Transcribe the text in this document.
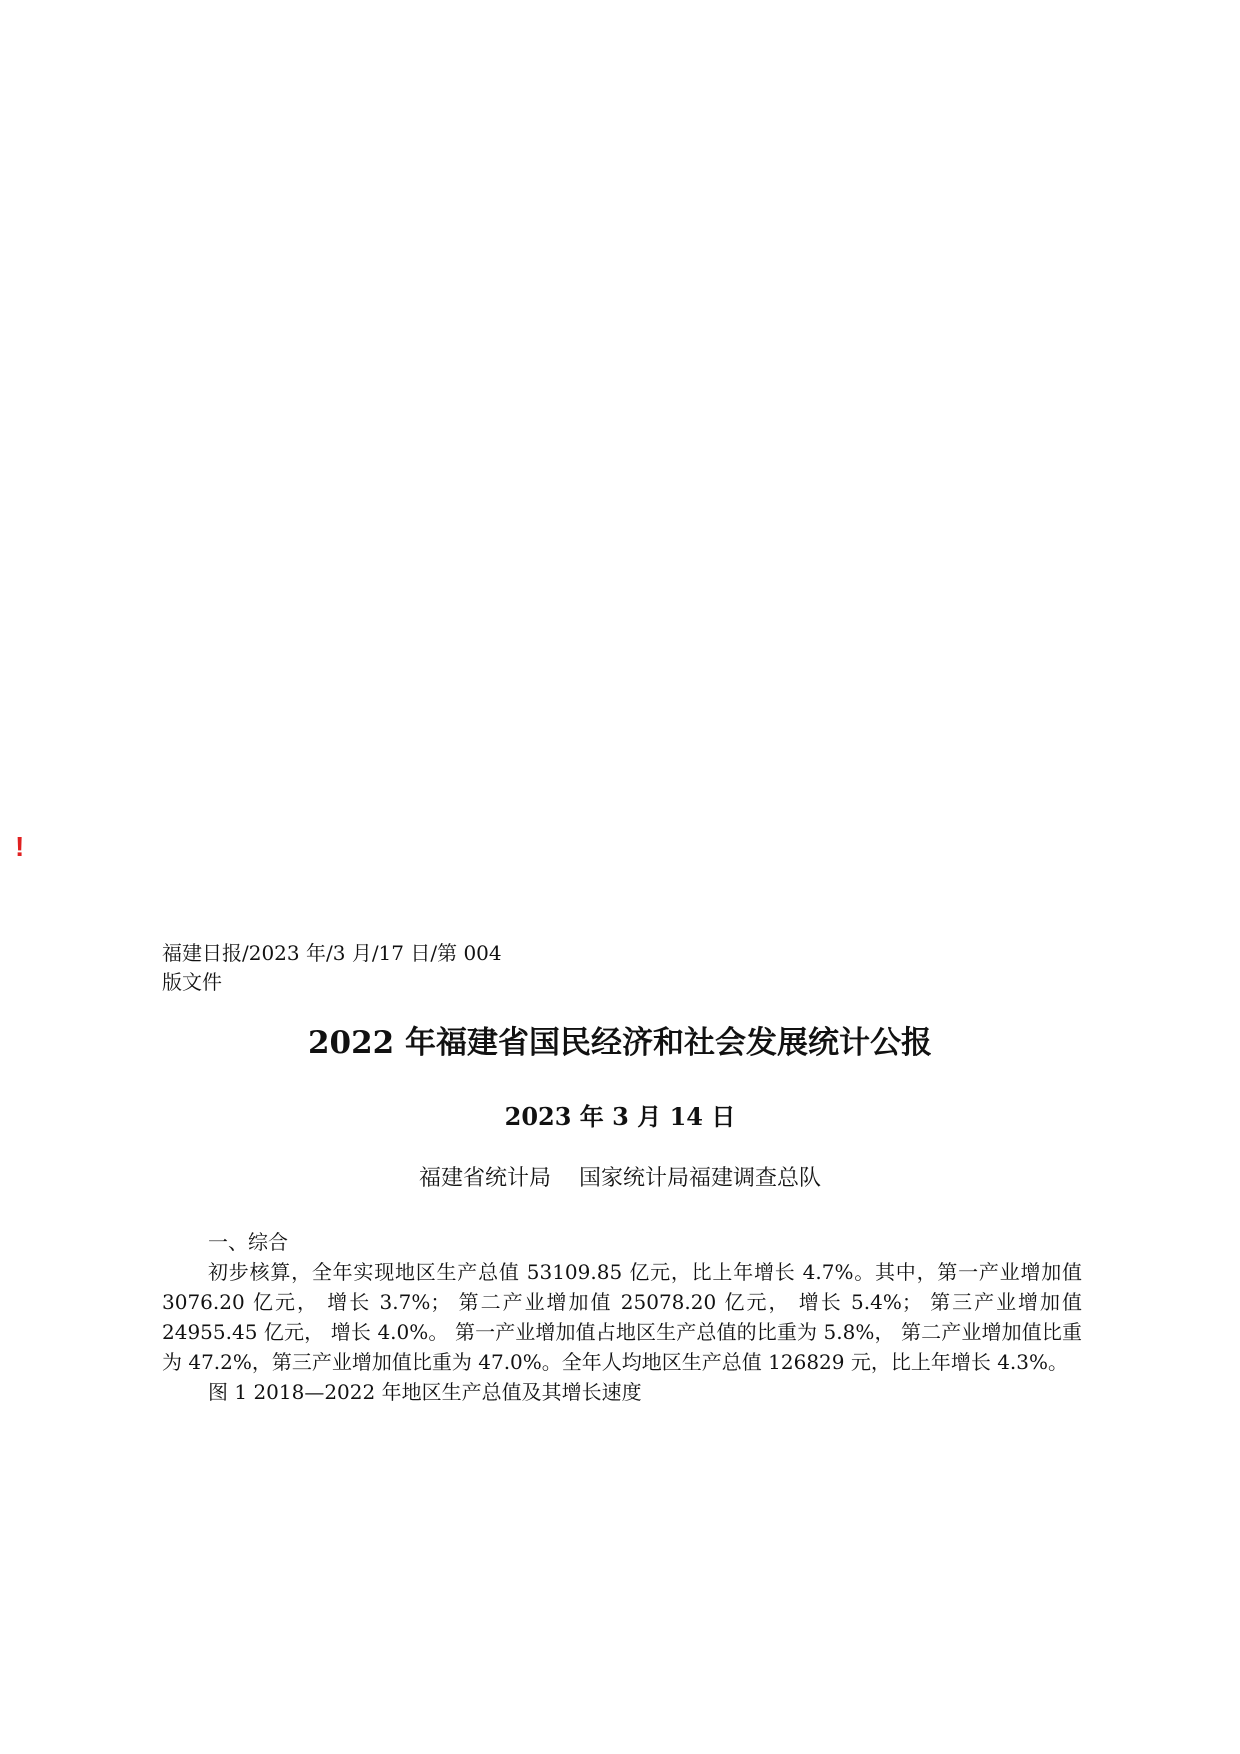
!
福建日报/2023 年/3 月/17 日/第 004 版文件
2022 年福建省国民经济和社会发展统计公报
2023 年 3 月 14 日
福建省统计局 国家统计局福建调查总队

一、综合

初步核算，全年实现地区生产总值 53109.85 亿元，比上年增长 4.7%。其中，第一产业增加值 3076.20 亿元， 增长 3.7%； 第二产业增加值 25078.20 亿元， 增长 5.4%； 第三产业增加值 24955.45 亿元， 增长 4.0%。 第一产业增加值占地区生产总值的比重为 5.8%， 第二产业增加值比重为 47.2%，第三产业增加值比重为 47.0%。全年人均地区生产总值 126829 元，比上年增长 4.3%。

图 1 2018—2022 年地区生产总值及其增长速度
